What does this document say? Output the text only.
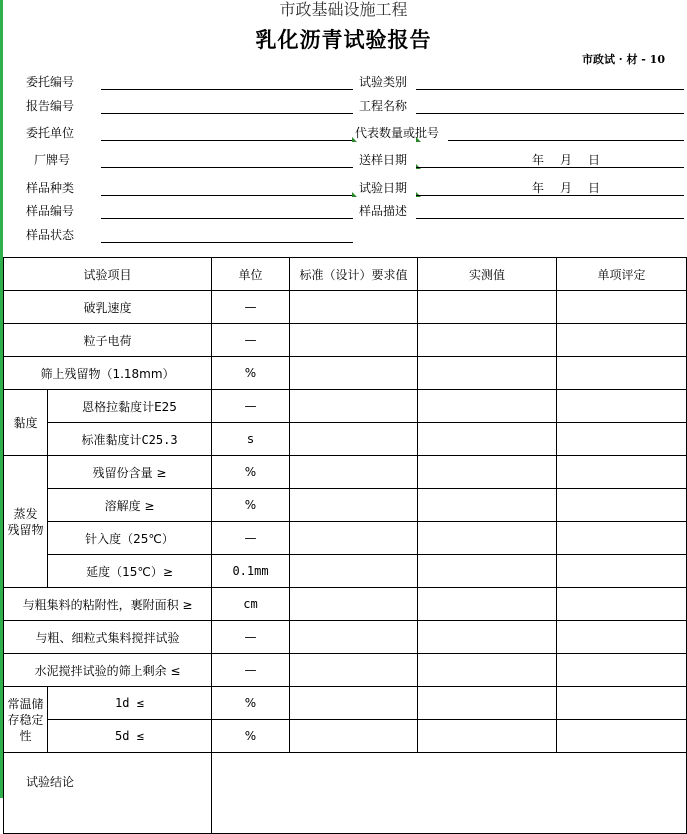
市政基础设施工程
乳化沥青试验报告
市政试 · 材 - 10
委托编号	试验类别
报告编号	工程名称
委托单位	代表数量或批号
厂牌号	送样日期	年 月 日
样品种类	试验日期	年 月 日
样品编号	样品描述
样品状态
试验项目		单位	标准（设计）要求值	实测值	单项评定
破乳速度		—			
粒子电荷		—			
筛上残留物（1.18mm）		%			
黏度	恩格拉黏度计E25	—			
	标准黏度计C25.3	s			
蒸发
残留物	残留份含量 ≥	%			
	溶解度 ≥	%			
	针入度（25℃）	—			
	延度（15℃）≥	0.1mm			
与粗集料的粘附性，裹附面积 ≥		cm			
与粗、细粒式集料搅拌试验		—			
水泥搅拌试验的筛上剩余 ≤		—			
常温储
存稳定
性	1d ≤	%			
	5d ≤	%			
试验结论					
